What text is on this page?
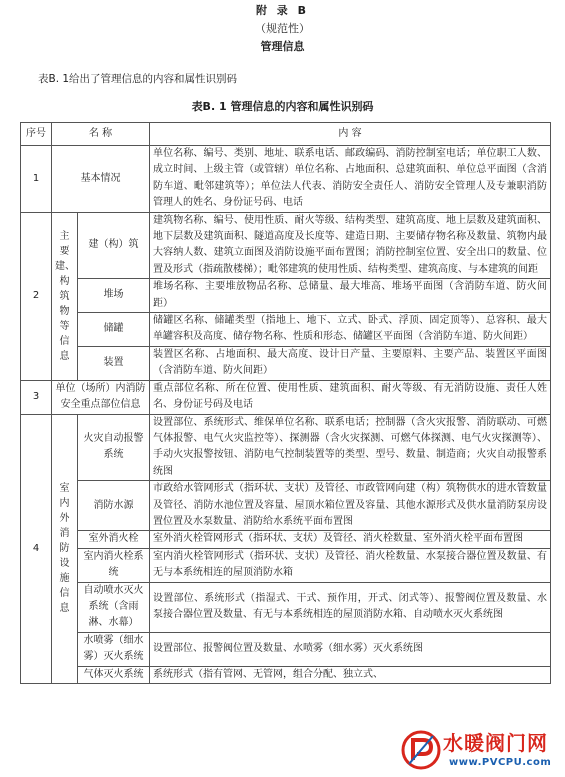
附 录 B
（规范性）
管理信息
表B. 1给出了管理信息的内容和属性识别码
表B. 1 管理信息的内容和属性识别码
序号	名 称		内 容
1	基本情况		单位名称、编号、类别、地址、联系电话、邮政编码、消防控制室电话；单位职工人数、成立时间、上级主管（或管辖）单位名称、占地面积、总建筑面积、单位总平面图（含消防车道、毗邻建筑等）；单位法人代表、消防安全责任人、消防安全管理人及专兼职消防管理人的姓名、身份证号码、电话
2	主要建、构筑物等信息	建（构）筑	建筑物名称、编号、使用性质、耐火等级、结构类型、建筑高度、地上层数及建筑面积、地下层数及建筑面积、隧道高度及长度等、建造日期、主要储存物名称及数量、筑物内最大容纳人数、建筑立面图及消防设施平面布置图；消防控制室位置、安全出口的数量、位置及形式（指疏散楼梯）；毗邻建筑的使用性质、结构类型、建筑高度、与本建筑的间距
		堆场	堆场名称、主要堆放物品名称、总储量、最大堆高、堆场平面图（含消防车道、防火间距）
		储罐	储罐区名称、储罐类型（指地上、地下、立式、卧式、浮顶、固定顶等）、总容积、最大单罐容积及高度、储存物名称、性质和形态、储罐区平面图（含消防车道、防火间距）
		装置	装置区名称、占地面积、最大高度、设计日产量、主要原料、主要产品、装置区平面图（含消防车道、防火间距）
3	单位（场所）内消防安全重点部位信息		重点部位名称、所在位置、使用性质、建筑面积、耐火等级、有无消防设施、责任人姓名、身份证号码及电话
4	室内外消防设施信息	火灾自动报警系统	设置部位、系统形式、维保单位名称、联系电话；控制器（含火灾报警、消防联动、可燃气体报警、电气火灾监控等）、探测器（含火灾探测、可燃气体探测、电气火灾探测等）、手动火灾报警按钮、消防电气控制装置等的类型、型号、数量、制造商；火灾自动报警系统图
		消防水源	市政给水管网形式（指环状、支状）及管径、市政管网向建（构）筑物供水的进水管数量及管径、消防水池位置及容量、屋顶水箱位置及容量、其他水源形式及供水量消防泵房设置位置及水泵数量、消防给水系统平面布置图
		室外消火栓	室外消火栓管网形式（指环状、支状）及管径、消火栓数量、室外消火栓平面布置图
		室内消火栓系统	室内消火栓管网形式（指环状、支状）及管径、消火栓数量、水泵接合器位置及数量、有无与本系统相连的屋顶消防水箱
		自动喷水灭火系统（含雨淋、水幕）	设置部位、系统形式（指湿式、干式、预作用，开式、闭式等）、报警阀位置及数量、水泵接合器位置及数量、有无与本系统相连的屋顶消防水箱、自动喷水灭火系统图
		水喷雾（细水雾）灭火系统	设置部位、报警阀位置及数量、水喷雾（细水雾）灭火系统图
		气体灭火系统	系统形式（指有管网、无管网，组合分配、独立式、
水暖阀门网
www.PVCPU.com
